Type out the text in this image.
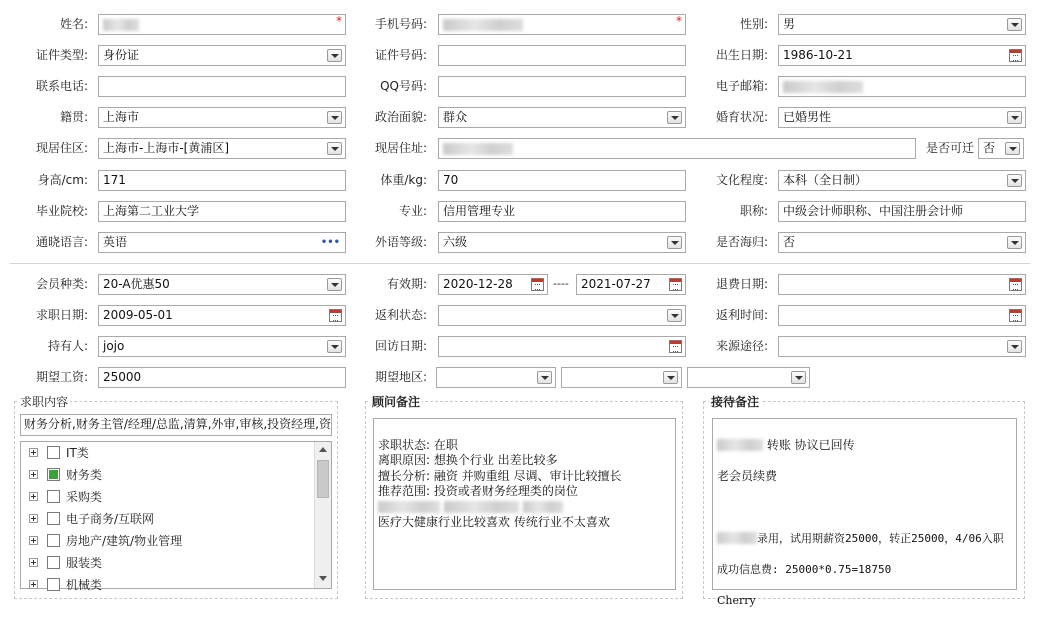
姓名:	*	手机号码:	*	性别:	男
证件类型:	身份证	证件号码:	出生日期:	1986-10-21
联系电话:	QQ号码:	电子邮箱:
籍贯:	上海市	政治面貌:	群众	婚育状况:	已婚男性
现居住区:	上海市-上海市-[黄浦区]	现居住址:	是否可迁 否
身高/cm:	171	体重/kg:	70	文化程度:	本科（全日制）
毕业院校:	上海第二工业大学	专业:	信用管理专业	职称:	中级会计师职称、中国注册会计师
通晓语言:	英语	•••	外语等级:	六级	是否海归:	否
会员种类:	20-A优惠50	有效期:	2020-12-28	----	2021-07-27	退费日期:
求职日期:	2009-05-01	返利状态:	返利时间:
持有人:	jojo	回访日期:	来源途径:
期望工资:	25000	期望地区:
求职内容
财务分析,财务主管/经理/总监,清算,外审,审核,投资经理,资
IT类
财务类
采购类
电子商务/互联网
房地产/建筑/物业管理
服装类
机械类
顾问备注

求职状态: 在职
离职原因: 想换个行业 出差比较多
擅长分析: 融资 并购重组 尽调、审计比较擅长
推荐范围: 投资或者财务经理类的岗位

医疗大健康行业比较喜欢 传统行业不太喜欢

接待备注

转账 协议已回传

老会员续费

录用，试用期薪资25000，转正25000，4/06入职

成功信息费: 25000*0.75=18750

Cherry
